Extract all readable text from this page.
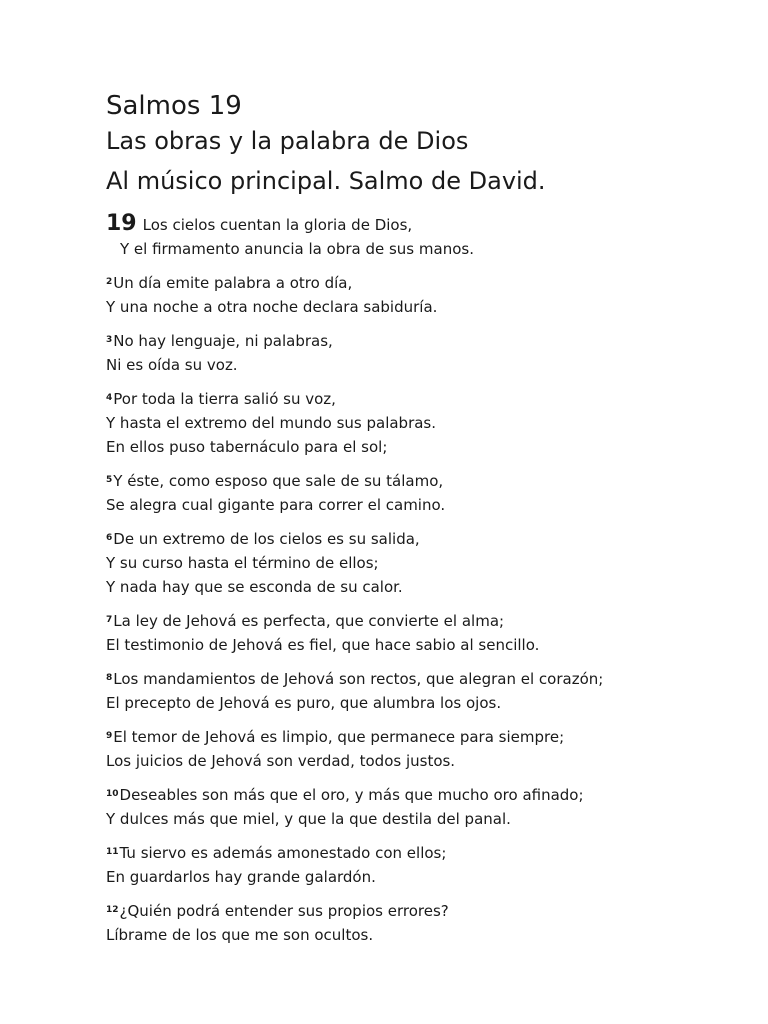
Salmos 19
Las obras y la palabra de Dios
Al músico principal. Salmo de David.

19 Los cielos cuentan la gloria de Dios,
Y el firmamento anuncia la obra de sus manos.

$^2$Un día emite palabra a otro día,
Y una noche a otra noche declara sabiduría.

$^3$No hay lenguaje, ni palabras,
Ni es oída su voz.

$^4$Por toda la tierra salió su voz,
Y hasta el extremo del mundo sus palabras.
En ellos puso tabernáculo para el sol;

$^5$Y éste, como esposo que sale de su tálamo,
Se alegra cual gigante para correr el camino.

$^6$De un extremo de los cielos es su salida,
Y su curso hasta el término de ellos;
Y nada hay que se esconda de su calor.

$^7$La ley de Jehová es perfecta, que convierte el alma;
El testimonio de Jehová es fiel, que hace sabio al sencillo.

$^8$Los mandamientos de Jehová son rectos, que alegran el corazón;
El precepto de Jehová es puro, que alumbra los ojos.

$^9$El temor de Jehová es limpio, que permanece para siempre;
Los juicios de Jehová son verdad, todos justos.

$^{10}$Deseables son más que el oro, y más que mucho oro afinado;
Y dulces más que miel, y que la que destila del panal.

$^{11}$Tu siervo es además amonestado con ellos;
En guardarlos hay grande galardón.

$^{12}$¿Quién podrá entender sus propios errores?
Líbrame de los que me son ocultos.
